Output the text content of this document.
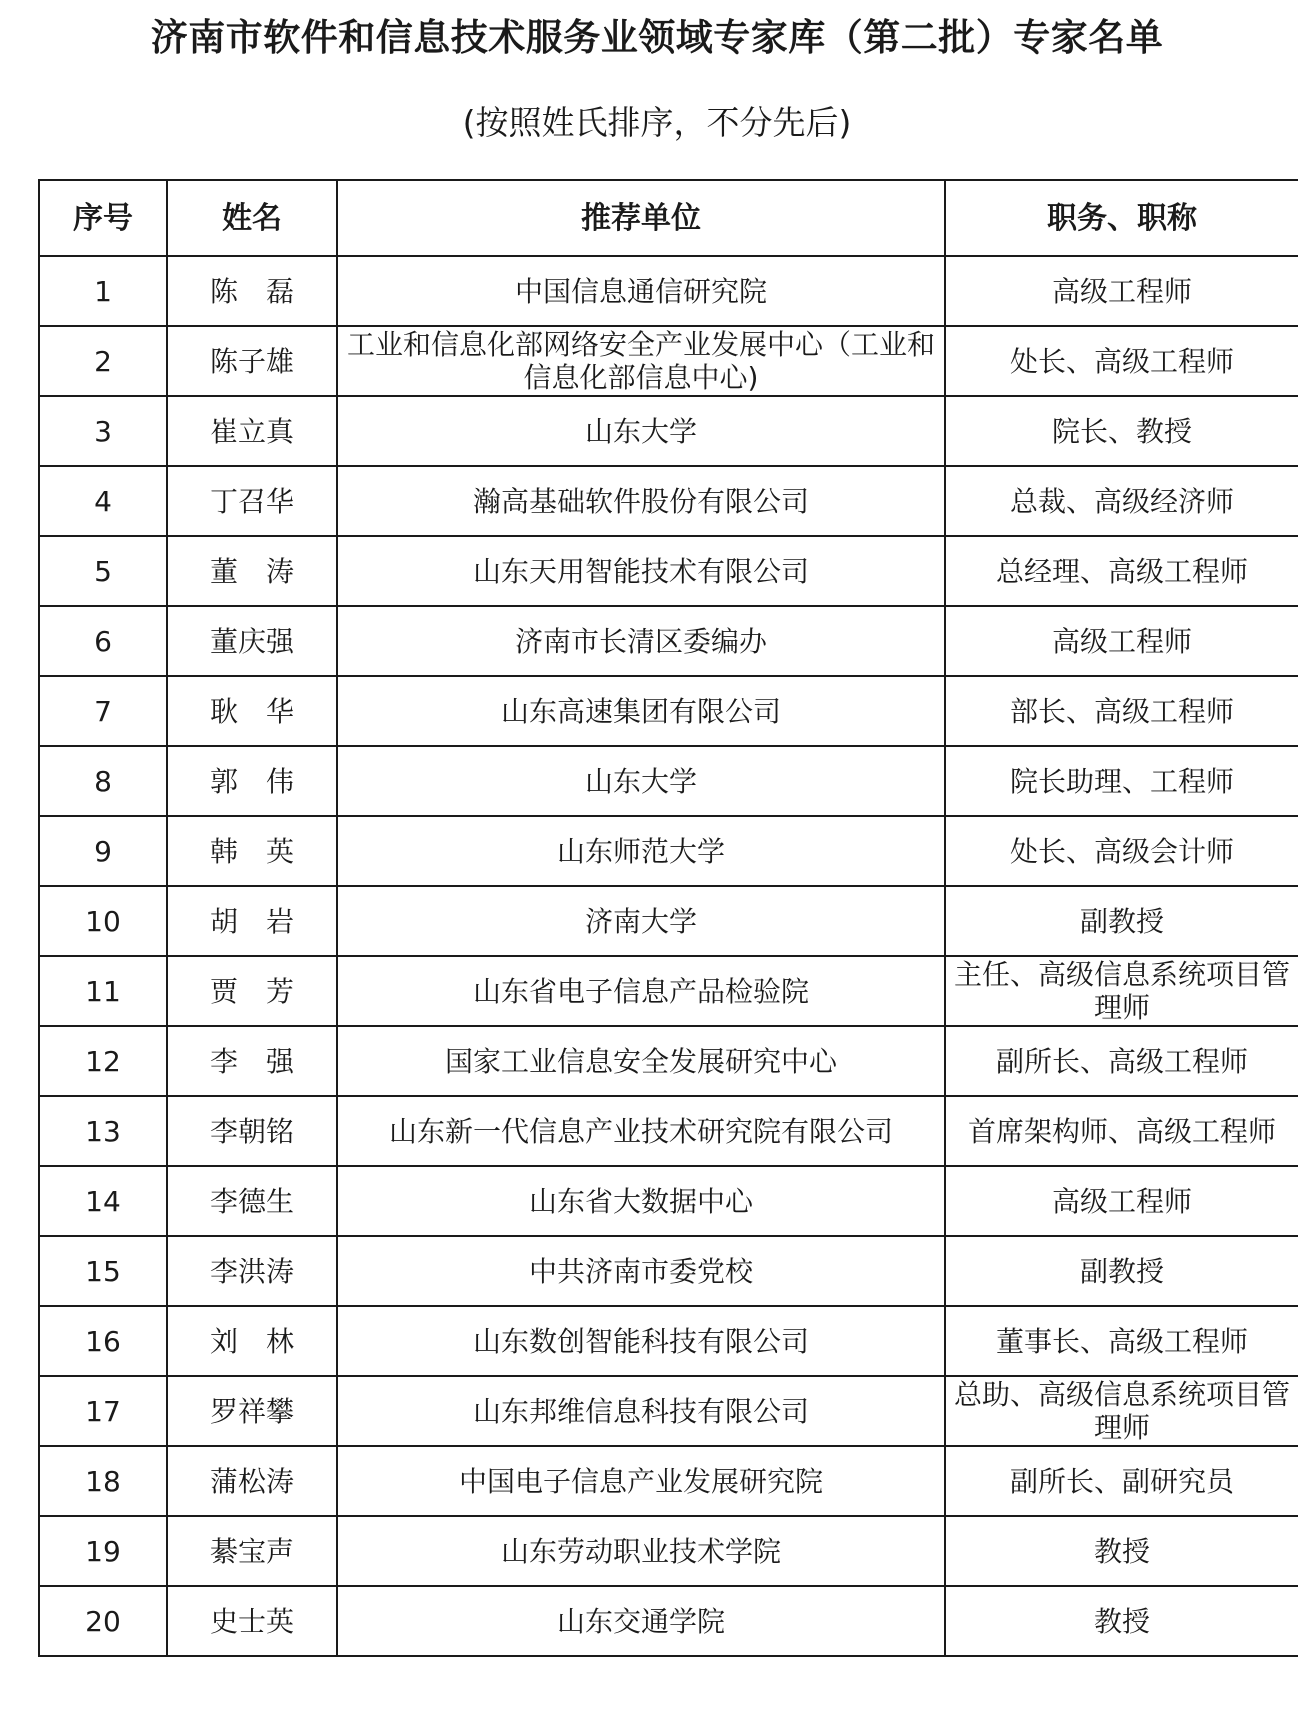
济南市软件和信息技术服务业领域专家库（第二批）专家名单
(按照姓氏排序，不分先后)
序号	姓名	推荐单位	职务、职称
1	陈　磊	中国信息通信研究院	高级工程师
2	陈子雄	工业和信息化部网络安全产业发展中心（工业和信息化部信息中心)	处长、高级工程师
3	崔立真	山东大学	院长、教授
4	丁召华	瀚高基础软件股份有限公司	总裁、高级经济师
5	董　涛	山东天用智能技术有限公司	总经理、高级工程师
6	董庆强	济南市长清区委编办	高级工程师
7	耿　华	山东高速集团有限公司	部长、高级工程师
8	郭　伟	山东大学	院长助理、工程师
9	韩　英	山东师范大学	处长、高级会计师
10	胡　岩	济南大学	副教授
11	贾　芳	山东省电子信息产品检验院	主任、高级信息系统项目管理师
12	李　强	国家工业信息安全发展研究中心	副所长、高级工程师
13	李朝铭	山东新一代信息产业技术研究院有限公司	首席架构师、高级工程师
14	李德生	山东省大数据中心	高级工程师
15	李洪涛	中共济南市委党校	副教授
16	刘　林	山东数创智能科技有限公司	董事长、高级工程师
17	罗祥攀	山东邦维信息科技有限公司	总助、高级信息系统项目管理师
18	蒲松涛	中国电子信息产业发展研究院	副所长、副研究员
19	綦宝声	山东劳动职业技术学院	教授
20	史士英	山东交通学院	教授
